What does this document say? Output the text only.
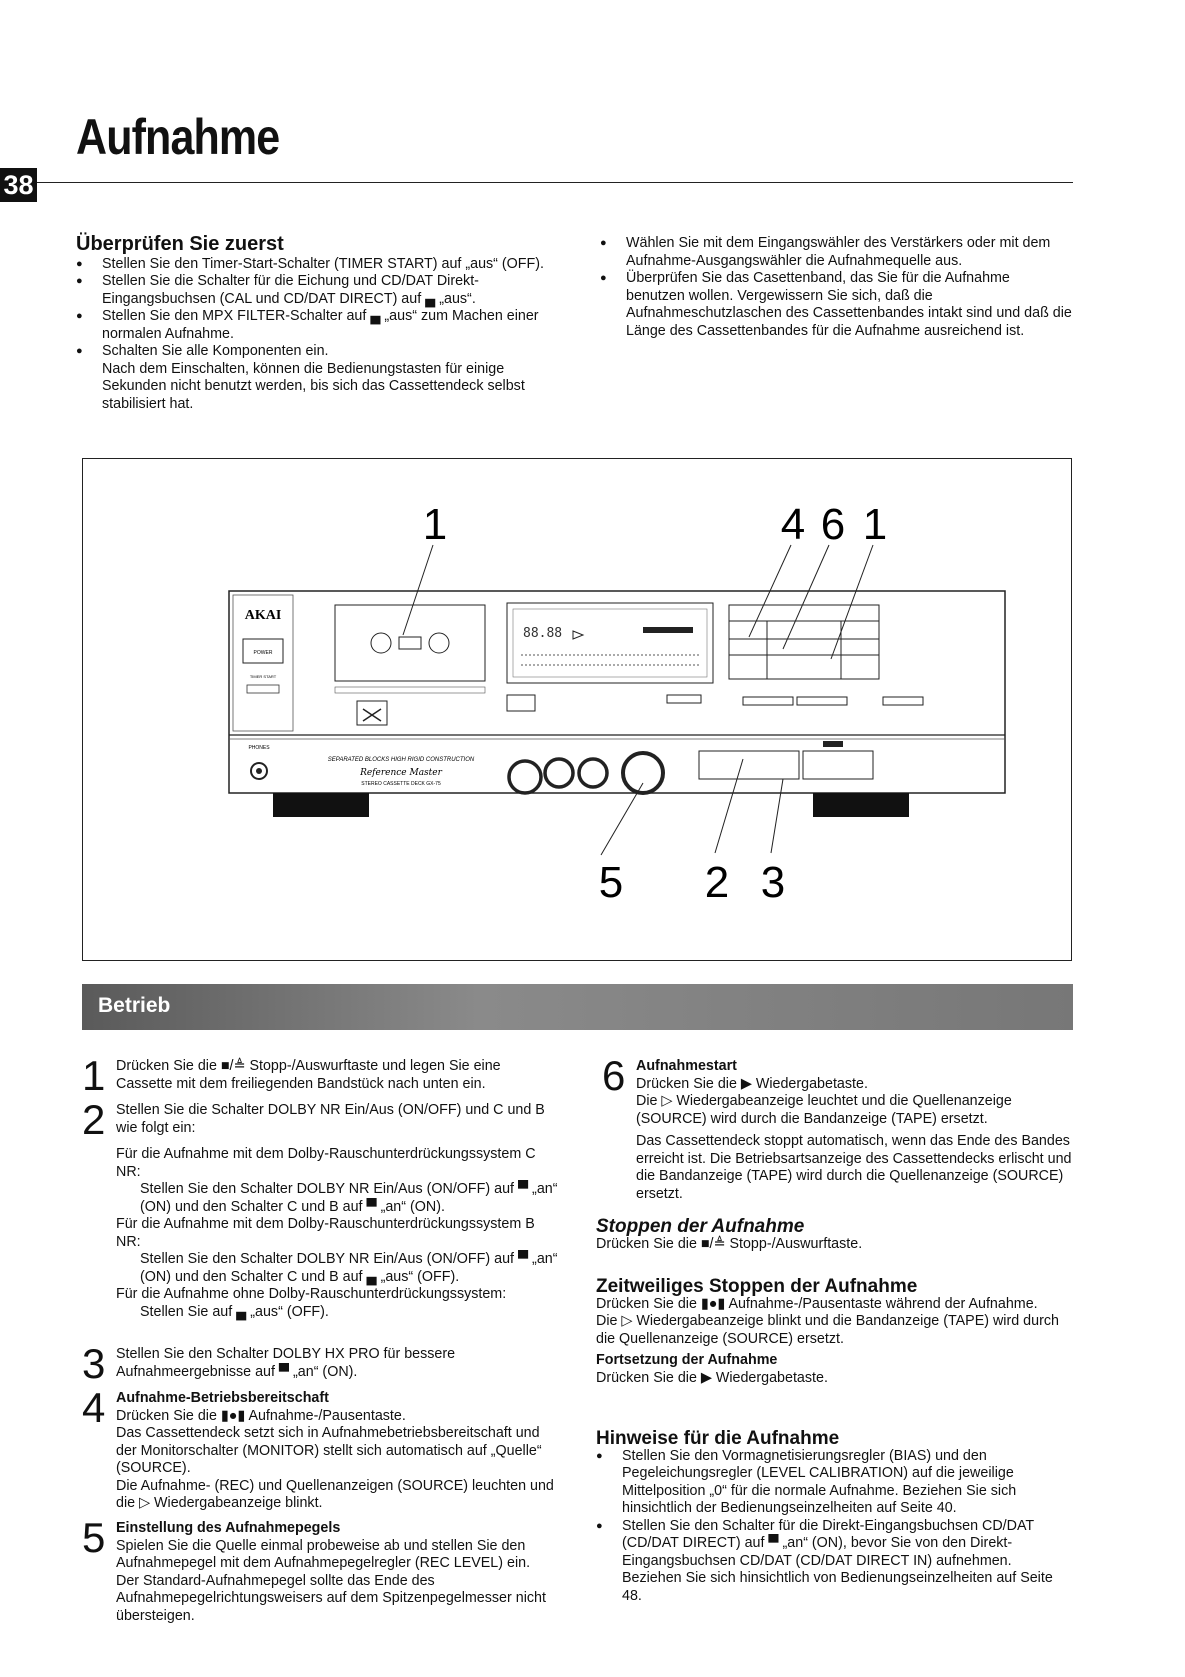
Aufnahme
38
Überprüfen Sie zuerst
● Stellen Sie den Timer-Start-Schalter (TIMER START) auf „aus“ (OFF).
● Stellen Sie die Schalter für die Eichung und CD/DAT Direkt-Eingangsbuchsen (CAL und CD/DAT DIRECT) auf ▄ „aus“.
● Stellen Sie den MPX FILTER-Schalter auf ▄ „aus“ zum Machen einer normalen Aufnahme.
● Schalten Sie alle Komponenten ein.

Nach dem Einschalten, können die Bedienungstasten für einige Sekunden nicht benutzt werden, bis sich das Cassettendeck selbst stabilisiert hat.

● Wählen Sie mit dem Eingangswähler des Verstärkers oder mit dem Aufnahme-Ausgangswähler die Aufnahmequelle aus.
● Überprüfen Sie das Casettenband, das Sie für die Aufnahme benutzen wollen. Vergewissern Sie sich, daß die Aufnahmeschutzlaschen des Cassettenbandes intakt sind und daß die Länge des Cassettenbandes für die Aufnahme ausreichend ist.
AKAI
POWER
TIMER START
88.88
PHONES
SEPARATED BLOCKS HIGH RIGID CONSTRUCTION
Reference Master
STEREO CASSETTE DECK GX-75
1	4 6 1
5 2 3
Betrieb
1 Drücken Sie die ■/≜ Stopp-/Auswurftaste und legen Sie eine Cassette mit dem freiliegenden Bandstück nach unten ein.
2 Stellen Sie die Schalter DOLBY NR Ein/Aus (ON/OFF) und C und B wie folgt ein:
Für die Aufnahme mit dem Dolby-Rauschunterdrückungssystem C NR:
Stellen Sie den Schalter DOLBY NR Ein/Aus (ON/OFF) auf ▀ „an“ (ON) und den Schalter C und B auf ▀ „an“ (ON).
Für die Aufnahme mit dem Dolby-Rauschunterdrückungssystem B NR:
Stellen Sie den Schalter DOLBY NR Ein/Aus (ON/OFF) auf ▀ „an“ (ON) und den Schalter C und B auf ▄ „aus“ (OFF).
Für die Aufnahme ohne Dolby-Rauschunterdrückungssystem:
Stellen Sie auf ▄ „aus“ (OFF).
3 Stellen Sie den Schalter DOLBY HX PRO für bessere Aufnahmeergebnisse auf ▀ „an“ (ON).
4 Aufnahme-Betriebsbereitschaft
Drücken Sie die ▮●▮ Aufnahme-/Pausentaste.
Das Cassettendeck setzt sich in Aufnahmebetriebsbereitschaft und der Monitorschalter (MONITOR) stellt sich automatisch auf „Quelle“ (SOURCE).
Die Aufnahme- (REC) und Quellenanzeigen (SOURCE) leuchten und die ▷ Wiedergabeanzeige blinkt.
5 Einstellung des Aufnahmepegels
Spielen Sie die Quelle einmal probeweise ab und stellen Sie den Aufnahmepegel mit dem Aufnahmepegelregler (REC LEVEL) ein.
Der Standard-Aufnahmepegel sollte das Ende des Aufnahmepegelrichtungsweisers auf dem Spitzenpegelmesser nicht übersteigen.
6 Aufnahmestart
Drücken Sie die ▶ Wiedergabetaste.
Die ▷ Wiedergabeanzeige leuchtet und die Quellenanzeige (SOURCE) wird durch die Bandanzeige (TAPE) ersetzt.
Das Cassettendeck stoppt automatisch, wenn das Ende des Bandes erreicht ist. Die Betriebsartsanzeige des Cassettendecks erlischt und die Bandanzeige (TAPE) wird durch die Quellenanzeige (SOURCE) ersetzt.
Stoppen der Aufnahme
Drücken Sie die ■/≜ Stopp-/Auswurftaste.
Zeitweiliges Stoppen der Aufnahme
Drücken Sie die ▮●▮ Aufnahme-/Pausentaste während der Aufnahme.
Die ▷ Wiedergabeanzeige blinkt und die Bandanzeige (TAPE) wird durch die Quellenanzeige (SOURCE) ersetzt.
Fortsetzung der Aufnahme
Drücken Sie die ▶ Wiedergabetaste.
Hinweise für die Aufnahme
● Stellen Sie den Vormagnetisierungsregler (BIAS) und den Pegeleichungsregler (LEVEL CALIBRATION) auf die jeweilige Mittelposition „0“ für die normale Aufnahme. Beziehen Sie sich hinsichtlich der Bedienungseinzelheiten auf Seite 40.
● Stellen Sie den Schalter für die Direkt-Eingangsbuchsen CD/DAT (CD/DAT DIRECT) auf ▀ „an“ (ON), bevor Sie von den Direkt-Eingangsbuchsen CD/DAT (CD/DAT DIRECT IN) aufnehmen. Beziehen Sie sich hinsichtlich von Bedienungseinzelheiten auf Seite 48.
